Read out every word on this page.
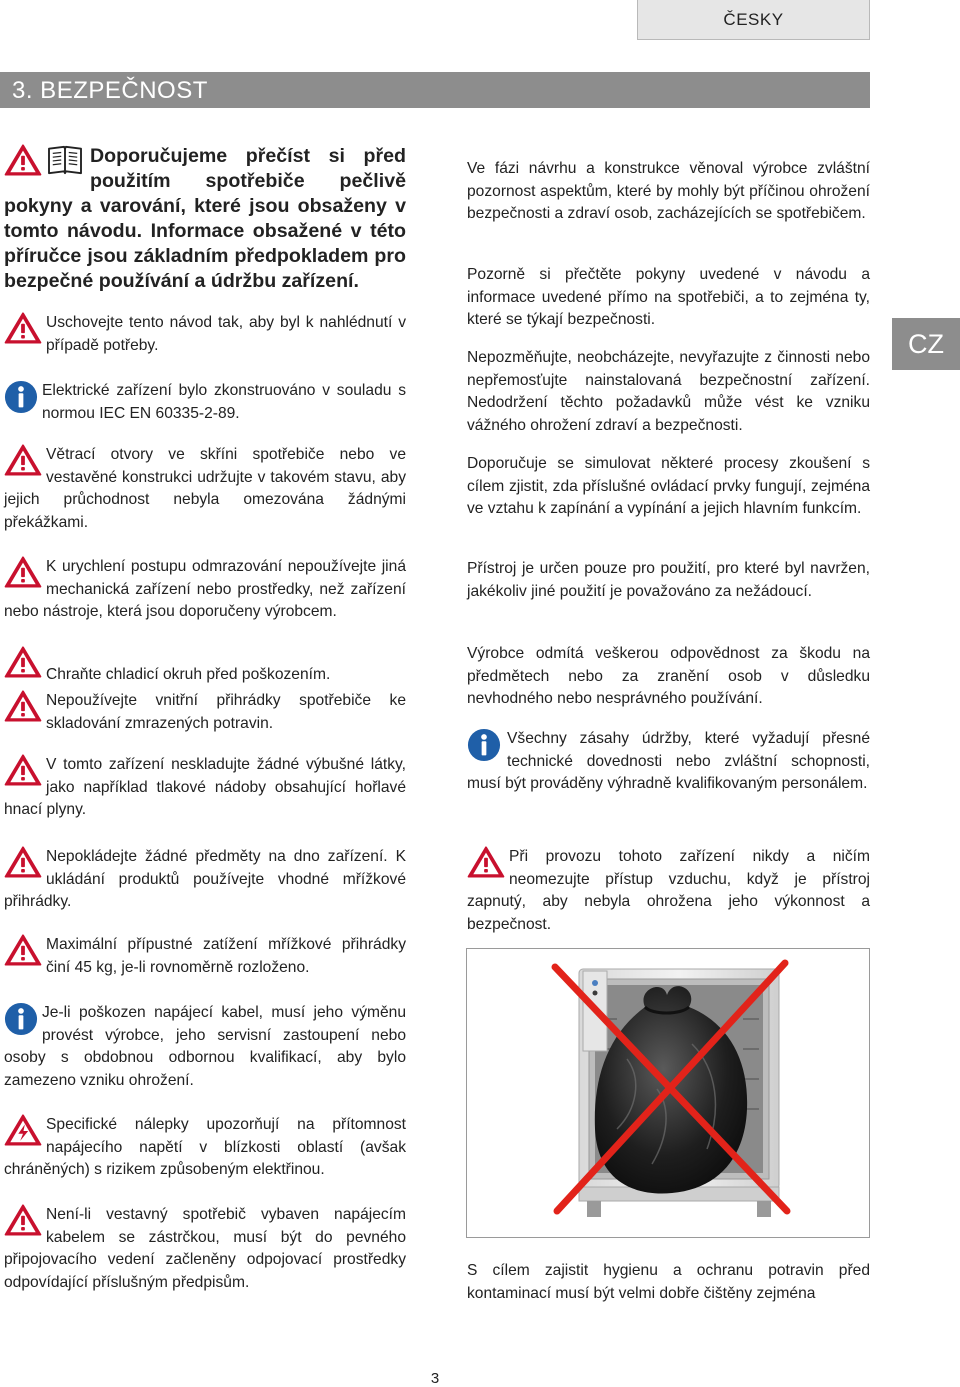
ČESKY
3. BEZPEČNOST
CZ

Doporučujeme přečíst si před použitím spotřebiče pečlivě pokyny a varování, které jsou obsaženy v tomto návodu. Informace obsažené v této příručce jsou základním předpokladem pro bezpečné používání a údržbu zařízení.

Uschovejte tento návod tak, aby byl k nahlédnutí v případě potřeby.

Elektrické zařízení bylo zkonstruováno v souladu s normou IEC EN 60335-2-89.

Větrací otvory ve skříni spotřebiče nebo ve vestavěné konstrukci udržujte v takovém stavu, aby jejich průchodnost nebyla omezována žádnými překážkami.

K urychlení postupu odmrazování nepoužívejte jiná mechanická zařízení nebo prostředky, než zařízení nebo nástroje, která jsou doporučeny výrobcem.

Chraňte chladicí okruh před poškozením.

Nepoužívejte vnitřní přihrádky spotřebiče ke skladování zmrazených potravin.

V tomto zařízení neskladujte žádné výbušné látky, jako například tlakové nádoby obsahující hořlavé hnací plyny.

Nepokládejte žádné předměty na dno zařízení. K ukládání produktů používejte vhodné mřížkové přihrádky.

Maximální přípustné zatížení mřížkové přihrádky činí 45 kg, je-li rovnoměrně rozloženo.

Je-li poškozen napájecí kabel, musí jeho výměnu provést výrobce, jeho servisní zastoupení nebo osoby s obdobnou odbornou kvalifikací, aby bylo zamezeno vzniku ohrožení.

Specifické nálepky upozorňují na přítomnost napájecího napětí v blízkosti oblastí (avšak chráněných) s rizikem způsobeným elektřinou.

Není-li vestavný spotřebič vybaven napájecím kabelem se zástrčkou, musí být do pevného připojovacího vedení začleněny odpojovací prostředky odpovídající příslušným předpisům.

Ve fázi návrhu a konstrukce věnoval výrobce zvláštní pozornost aspektům, které by mohly být příčinou ohrožení bezpečnosti a zdraví osob, zacházejících se spotřebičem.

Pozorně si přečtěte pokyny uvedené v návodu a informace uvedené přímo na spotřebiči, a to zejména ty, které se týkají bezpečnosti.

Nepozměňujte, neobcházejte, nevyřazujte z činnosti nebo nepřemosťujte nainstalovaná bezpečnostní zařízení. Nedodržení těchto požadavků může vést ke vzniku vážného ohrožení zdraví a bezpečnosti.

Doporučuje se simulovat některé procesy zkoušení s cílem zjistit, zda příslušné ovládací prvky fungují, zejména ve vztahu k zapínání a vypínání a jejich hlavním funkcím.

Přístroj je určen pouze pro použití, pro které byl navržen, jakékoliv jiné použití je považováno za nežádoucí.

Výrobce odmítá veškerou odpovědnost za škodu na předmětech nebo za zranění osob v důsledku nevhodného nebo nesprávného používání.

Všechny zásahy údržby, které vyžadují přesné technické dovednosti nebo zvláštní schopnosti, musí být prováděny výhradně kvalifikovaným personálem.

Při provozu tohoto zařízení nikdy a ničím neomezujte přístup vzduchu, když je přístroj zapnutý, aby nebyla ohrožena jeho výkonnost a bezpečnost.

S cílem zajistit hygienu a ochranu potravin před kontaminací musí být velmi dobře čištěny zejména

3
